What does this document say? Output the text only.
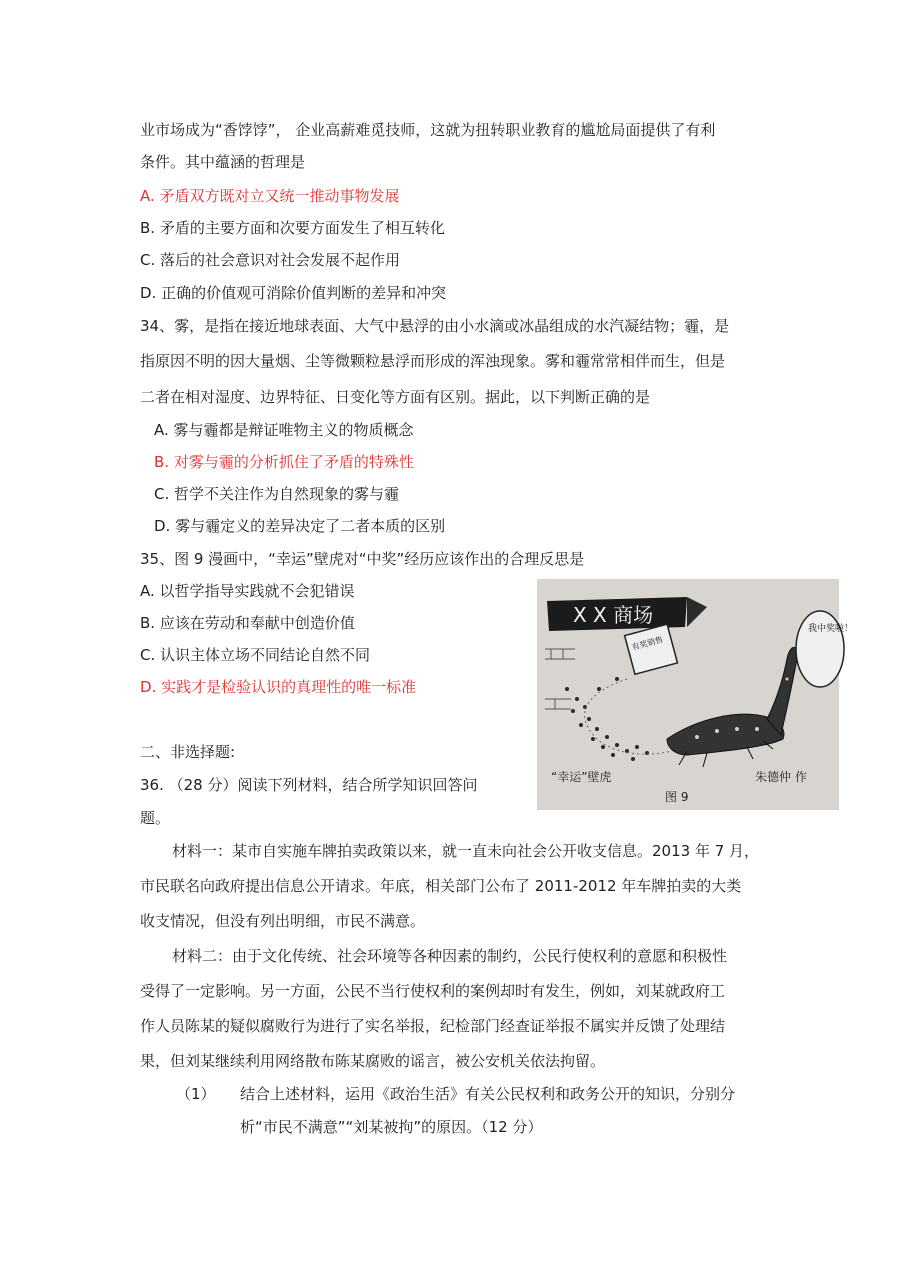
业市场成为“香饽饽”， 企业高薪难觅技师，这就为扭转职业教育的尴尬局面提供了有利
条件。其中蕴涵的哲理是
A. 矛盾双方既对立又统一推动事物发展
B. 矛盾的主要方面和次要方面发生了相互转化
C. 落后的社会意识对社会发展不起作用
D. 正确的价值观可消除价值判断的差异和冲突
34、雾，是指在接近地球表面、大气中悬浮的由小水滴或冰晶组成的水汽凝结物；霾，是
指原因不明的因大量烟、尘等微颗粒悬浮而形成的浑浊现象。雾和霾常常相伴而生，但是
二者在相对湿度、边界特征、日变化等方面有区别。据此，以下判断正确的是
A. 雾与霾都是辩证唯物主义的物质概念
B. 对雾与霾的分析抓住了矛盾的特殊性
C. 哲学不关注作为自然现象的雾与霾
D. 雾与霾定义的差异决定了二者本质的区别
35、图 9 漫画中，“幸运”壁虎对“中奖”经历应该作出的合理反思是
A. 以哲学指导实践就不会犯错误
B. 应该在劳动和奉献中创造价值
C. 认识主体立场不同结论自然不同
D. 实践才是检验认识的真理性的唯一标准
二、非选择题:
36. （28 分）阅读下列材料，结合所学知识回答问
题。
材料一：某市自实施车牌拍卖政策以来，就一直未向社会公开收支信息。2013 年 7 月，
市民联名向政府提出信息公开请求。年底，相关部门公布了 2011-2012 年车牌拍卖的大类
收支情况，但没有列出明细，市民不满意。
材料二：由于文化传统、社会环境等各种因素的制约，公民行使权利的意愿和积极性
受得了一定影响。另一方面，公民不当行使权利的案例却时有发生，例如，刘某就政府工
作人员陈某的疑似腐败行为进行了实名举报，纪检部门经查证举报不属实并反馈了处理结
果，但刘某继续利用网络散布陈某腐败的谣言，被公安机关依法拘留。
（1） 结合上述材料，运用《政治生活》有关公民权利和政务公开的知识，分别分
析“市民不满意”“刘某被拘”的原因。（12 分）
X X 商场
有奖销售
我中奖啦！
“幸运”壁虎	朱德仲 作
图 9
